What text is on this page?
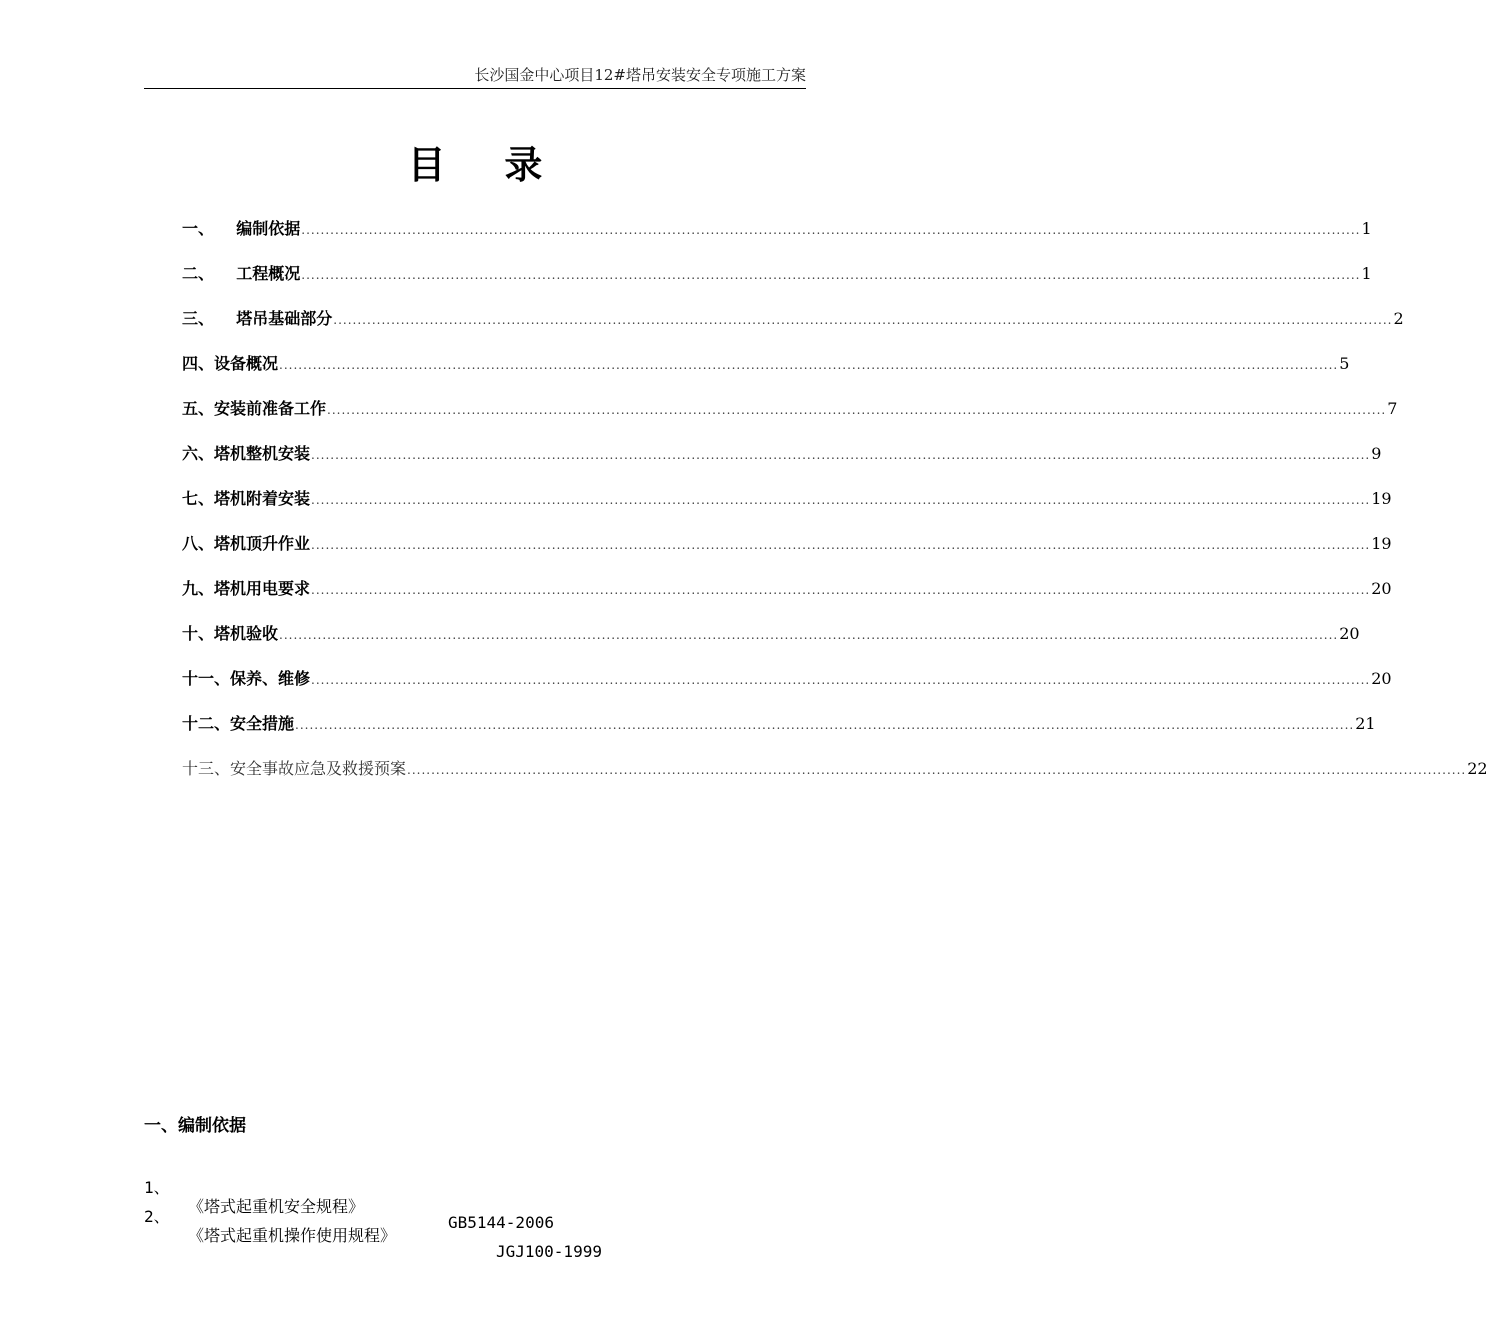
长沙国金中心项目12#塔吊安装安全专项施工方案
目 录
一、    编制依据 ............................................................................................................................................................................................................................ 1
二、    工程概况 ............................................................................................................................................................................................................................ 1
三、    塔吊基础部分 ............................................................................................................................................................................................................................ 2
四、设备概况 ............................................................................................................................................................................................................................ 5
五、安装前准备工作 ............................................................................................................................................................................................................................ 7
六、塔机整机安装 ............................................................................................................................................................................................................................ 9
七、塔机附着安装 ............................................................................................................................................................................................................................ 19
八、塔机顶升作业 ............................................................................................................................................................................................................................ 19
九、塔机用电要求 ............................................................................................................................................................................................................................ 20
十、塔机验收 ............................................................................................................................................................................................................................ 20
十一、保养、维修 ............................................................................................................................................................................................................................ 20
十二、安全措施 ............................................................................................................................................................................................................................ 21
十三、安全事故应急及救援预案 ............................................................................................................................................................................................................................ 22
一、编制依据

1、

《塔式起重机安全规程》

GB5144-2006

2、

《塔式起重机操作使用规程》

JGJ100-1999
